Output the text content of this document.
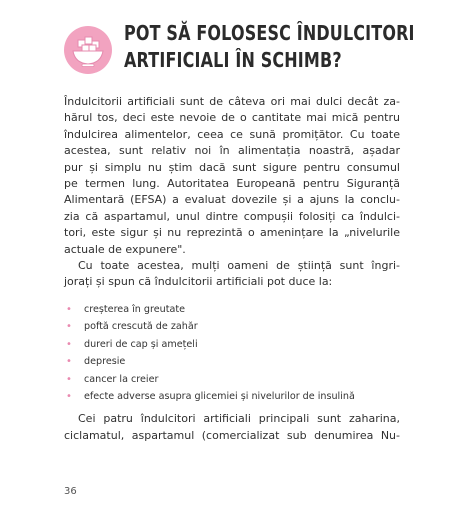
POT SĂ FOLOSESC ÎNDULCITORI
ARTIFICIALI ÎN SCHIMB?
Îndulcitorii artificiali sunt de câteva ori mai dulci decât za-
hărul tos, deci este nevoie de o cantitate mai mică pentru
îndulcirea alimentelor, ceea ce sună promițător. Cu toate
acestea, sunt relativ noi în alimentația noastră, așadar
pur și simplu nu știm dacă sunt sigure pentru consumul
pe termen lung. Autoritatea Europeană pentru Siguranță
Alimentară (EFSA) a evaluat dovezile și a ajuns la conclu-
zia că aspartamul, unul dintre compușii folosiți ca îndulci-
tori, este sigur și nu reprezintă o amenințare la „nivelurile
actuale de expunere".
Cu toate acestea, mulți oameni de știință sunt îngri-
jorați și spun că îndulcitorii artificiali pot duce la:
• creșterea în greutate
• poftă crescută de zahăr
• dureri de cap și amețeli
• depresie
• cancer la creier
• efecte adverse asupra glicemiei și nivelurilor de insulină
Cei patru îndulcitori artificiali principali sunt zaharina,
ciclamatul, aspartamul (comercializat sub denumirea Nu-
36
